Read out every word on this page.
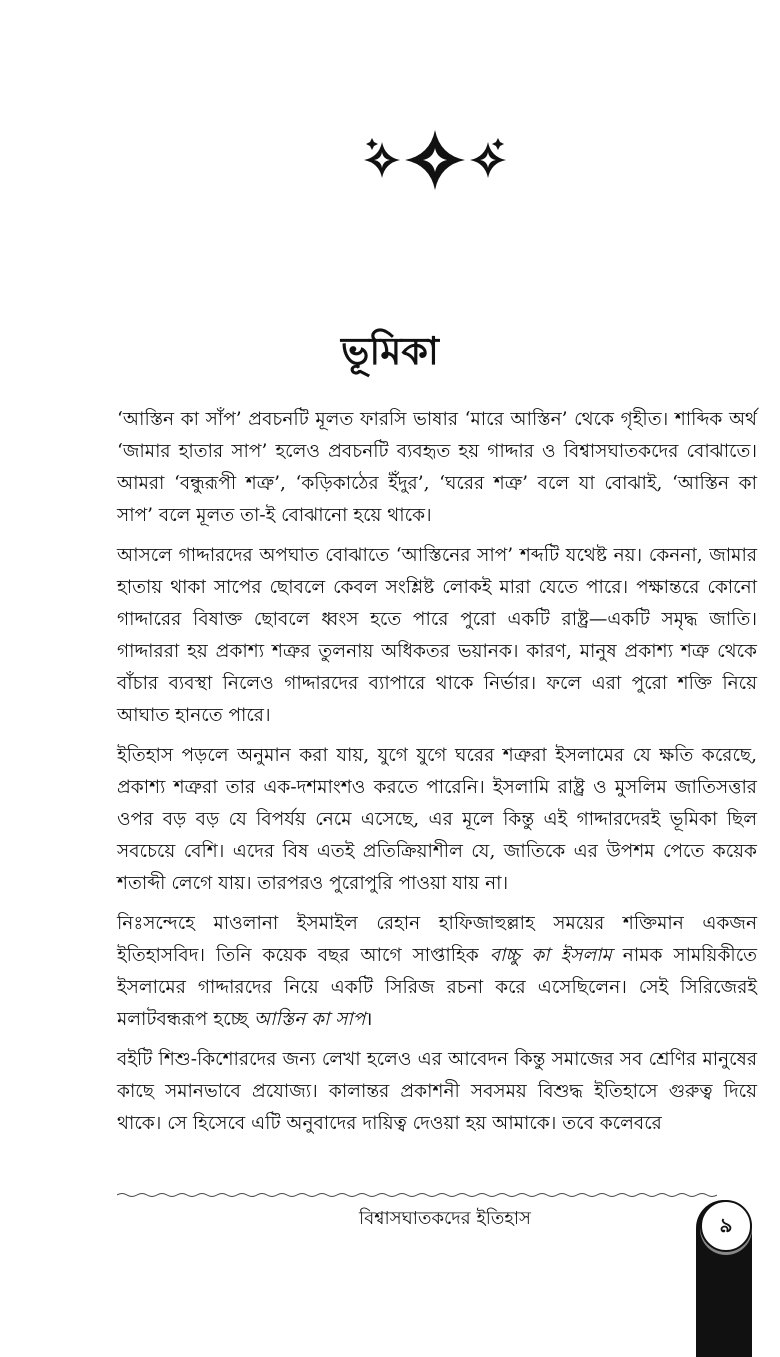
ভূমিকা

‘আস্তিন কা সাঁপ’ প্রবচনটি মূলত ফারসি ভাষার ‘মারে আস্তিন’ থেকে গৃহীত। শাব্দিক অর্থ ‘জামার হাতার সাপ’ হলেও প্রবচনটি ব্যবহৃত হয় গাদ্দার ও বিশ্বাসঘাতকদের বোঝাতে। আমরা ‘বন্ধুরূপী শত্রু’, ‘কড়িকাঠের ইঁদুর’, ‘ঘরের শত্রু’ বলে যা বোঝাই, ‘আস্তিন কা সাপ’ বলে মূলত তা-ই বোঝানো হয়ে থাকে।

আসলে গাদ্দারদের অপঘাত বোঝাতে ‘আস্তিনের সাপ’ শব্দটি যথেষ্ট নয়। কেননা, জামার হাতায় থাকা সাপের ছোবলে কেবল সংশ্লিষ্ট লোকই মারা যেতে পারে। পক্ষান্তরে কোনো গাদ্দারের বিষাক্ত ছোবলে ধ্বংস হতে পারে পুরো একটি রাষ্ট্র—একটি সমৃদ্ধ জাতি। গাদ্দাররা হয় প্রকাশ্য শত্রুর তুলনায় অধিকতর ভয়ানক। কারণ, মানুষ প্রকাশ্য শত্রু থেকে বাঁচার ব্যবস্থা নিলেও গাদ্দারদের ব্যাপারে থাকে নির্ভার। ফলে এরা পুরো শক্তি নিয়ে আঘাত হানতে পারে।

ইতিহাস পড়লে অনুমান করা যায়, যুগে যুগে ঘরের শত্রুরা ইসলামের যে ক্ষতি করেছে, প্রকাশ্য শত্রুরা তার এক-দশমাংশও করতে পারেনি। ইসলামি রাষ্ট্র ও মুসলিম জাতিসত্তার ওপর বড় বড় যে বিপর্যয় নেমে এসেছে, এর মূলে কিন্তু এই গাদ্দারদেরই ভূমিকা ছিল সবচেয়ে বেশি। এদের বিষ এতই প্রতিক্রিয়াশীল যে, জাতিকে এর উপশম পেতে কয়েক শতাব্দী লেগে যায়। তারপরও পুরোপুরি পাওয়া যায় না।

নিঃসন্দেহে মাওলানা ইসমাইল রেহান হাফিজাহুল্লাহ সময়ের শক্তিমান একজন ইতিহাসবিদ। তিনি কয়েক বছর আগে সাপ্তাহিক বাচ্চু কা ইসলাম নামক সাময়িকীতে ইসলামের গাদ্দারদের নিয়ে একটি সিরিজ রচনা করে এসেছিলেন। সেই সিরিজেরই মলাটবন্ধরূপ হচ্ছে আস্তিন কা সাপ।

বইটি শিশু-কিশোরদের জন্য লেখা হলেও এর আবেদন কিন্তু সমাজের সব শ্রেণির মানুষের কাছে সমানভাবে প্রযোজ্য। কালান্তর প্রকাশনী সবসময় বিশুদ্ধ ইতিহাসে গুরুত্ব দিয়ে থাকে। সে হিসেবে এটি অনুবাদের দায়িত্ব দেওয়া হয় আমাকে। তবে কলেবরে

বিশ্বাসঘাতকদের ইতিহাস	৯
